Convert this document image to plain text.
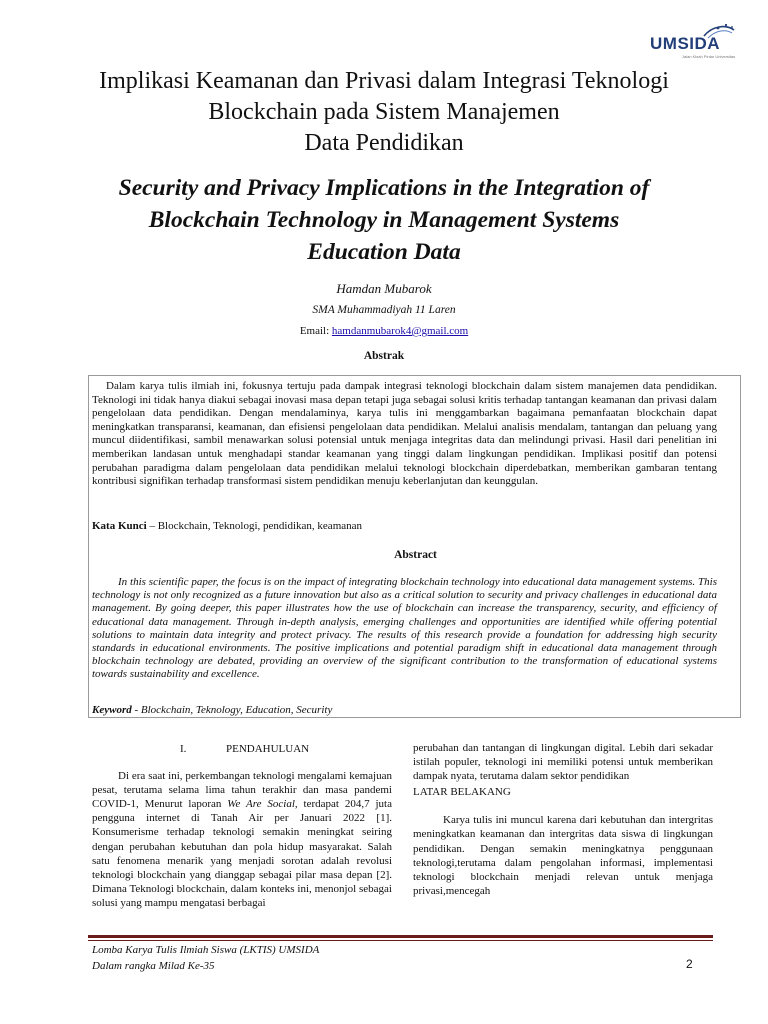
UMSIDA
Jalan Kisah Pintar Universitas
Implikasi Keamanan dan Privasi dalam Integrasi Teknologi
Blockchain pada Sistem Manajemen
Data Pendidikan
Security and Privacy Implications in the Integration of
Blockchain Technology in Management Systems
Education Data
Hamdan Mubarok
SMA Muhammadiyah 11 Laren
Email: hamdanmubarok4@gmail.com
Abstrak

Dalam karya tulis ilmiah ini, fokusnya tertuju pada dampak integrasi teknologi blockchain dalam sistem manajemen data pendidikan. Teknologi ini tidak hanya diakui sebagai inovasi masa depan tetapi juga sebagai solusi kritis terhadap tantangan keamanan dan privasi dalam pengelolaan data pendidikan. Dengan mendalaminya, karya tulis ini menggambarkan bagaimana pemanfaatan blockchain dapat meningkatkan transparansi, keamanan, dan efisiensi pengelolaan data pendidikan. Melalui analisis mendalam, tantangan dan peluang yang muncul diidentifikasi, sambil menawarkan solusi potensial untuk menjaga integritas data dan melindungi privasi. Hasil dari penelitian ini memberikan landasan untuk menghadapi standar keamanan yang tinggi dalam lingkungan pendidikan. Implikasi positif dan potensi perubahan paradigma dalam pengelolaan data pendidikan melalui teknologi blockchain diperdebatkan, memberikan gambaran tentang kontribusi signifikan terhadap transformasi sistem pendidikan menuju keberlanjutan dan keunggulan.

Kata Kunci – Blockchain, Teknologi, pendidikan, keamanan
Abstract

In this scientific paper, the focus is on the impact of integrating blockchain technology into educational data management systems. This technology is not only recognized as a future innovation but also as a critical solution to security and privacy challenges in educational data management. By going deeper, this paper illustrates how the use of blockchain can increase the transparency, security, and efficiency of educational data management. Through in-depth analysis, emerging challenges and opportunities are identified while offering potential solutions to maintain data integrity and protect privacy. The results of this research provide a foundation for addressing high security standards in educational environments. The positive implications and potential paradigm shift in educational data management through blockchain technology are debated, providing an overview of the significant contribution to the transformation of educational systems towards sustainability and excellence.

Keyword - Blockchain, Teknology, Education, Security
I.	PENDAHULUAN

Di era saat ini, perkembangan teknologi mengalami kemajuan pesat, terutama selama lima tahun terakhir dan masa pandemi COVID-1, Menurut laporan We Are Social, terdapat 204,7 juta pengguna internet di Tanah Air per Januari 2022 [1]. Konsumerisme terhadap teknologi semakin meningkat seiring dengan perubahan kebutuhan dan pola hidup masyarakat. Salah satu fenomena menarik yang menjadi sorotan adalah revolusi teknologi blockchain yang dianggap sebagai pilar masa depan [2]. Dimana Teknologi blockchain, dalam konteks ini, menonjol sebagai solusi yang mampu mengatasi berbagai

perubahan dan tantangan di lingkungan digital. Lebih dari sekadar istilah populer, teknologi ini memiliki potensi untuk memberikan dampak nyata, terutama dalam sektor pendidikan

LATAR BELAKANG

Karya tulis ini muncul karena dari kebutuhan dan intergritas meningkatkan keamanan dan intergritas data siswa di lingkungan pendidikan. Dengan semakin meningkatnya penggunaan teknologi,terutama dalam pengolahan informasi, implementasi teknologi blockchain menjadi relevan untuk menjaga privasi,mencegah

Lomba Karya Tulis Ilmiah Siswa (LKTIS) UMSIDA
Dalam rangka Milad Ke-35	2
